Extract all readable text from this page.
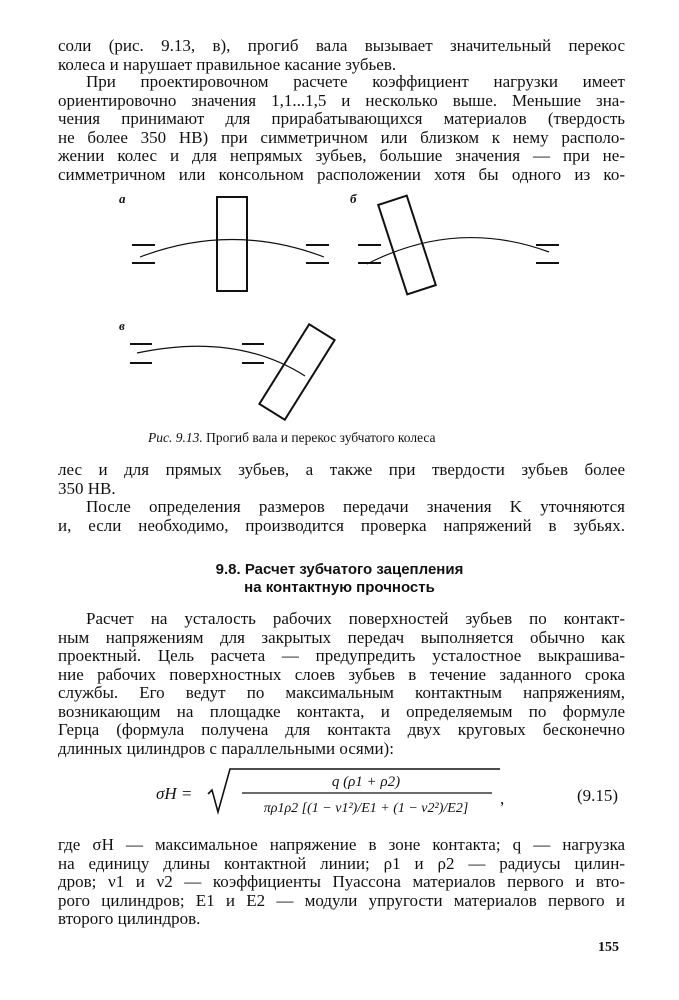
соли (рис. 9.13, в), прогиб вала вызывает значительный перекос
колеса и нарушает правильное касание зубьев.
При проектировочном расчете коэффициент нагрузки имеет
ориентировочно значения 1,1...1,5 и несколько выше. Меньшие зна-
чения принимают для прирабатывающихся материалов (твердость
не более 350 НВ) при симметричном или близком к нему располо-
жении колес и для непрямых зубьев, большие значения — при не-
симметричном или консольном расположении хотя бы одного из ко-
а	б
в
Рис. 9.13. Прогиб вала и перекос зубчатого колеса
лес и для прямых зубьев, а также при твердости зубьев более
350 НВ.
После определения размеров передачи значения K уточняются
и, если необходимо, производится проверка напряжений в зубьях.
9.8. Расчет зубчатого зацепления
на контактную прочность
Расчет на усталость рабочих поверхностей зубьев по контакт-
ным напряжениям для закрытых передач выполняется обычно как
проектный. Цель расчета — предупредить усталостное выкрашива-
ние рабочих поверхностных слоев зубьев в течение заданного срока
службы. Его ведут по максимальным контактным напряжениям,
возникающим на площадке контакта, и определяемым по формуле
Герца (формула получена для контакта двух круговых бесконечно
длинных цилиндров с параллельными осями):
σH =
q (ρ1 + ρ2)
πρ1ρ2 [(1 − ν1²)/E1 + (1 − ν2²)/E2]
,	(9.15)
где σH — максимальное напряжение в зоне контакта; q — нагрузка
на единицу длины контактной линии; ρ1 и ρ2 — радиусы цилин-
дров; ν1 и ν2 — коэффициенты Пуассона материалов первого и вто-
рого цилиндров; E1 и E2 — модули упругости материалов первого и
второго цилиндров.
155
